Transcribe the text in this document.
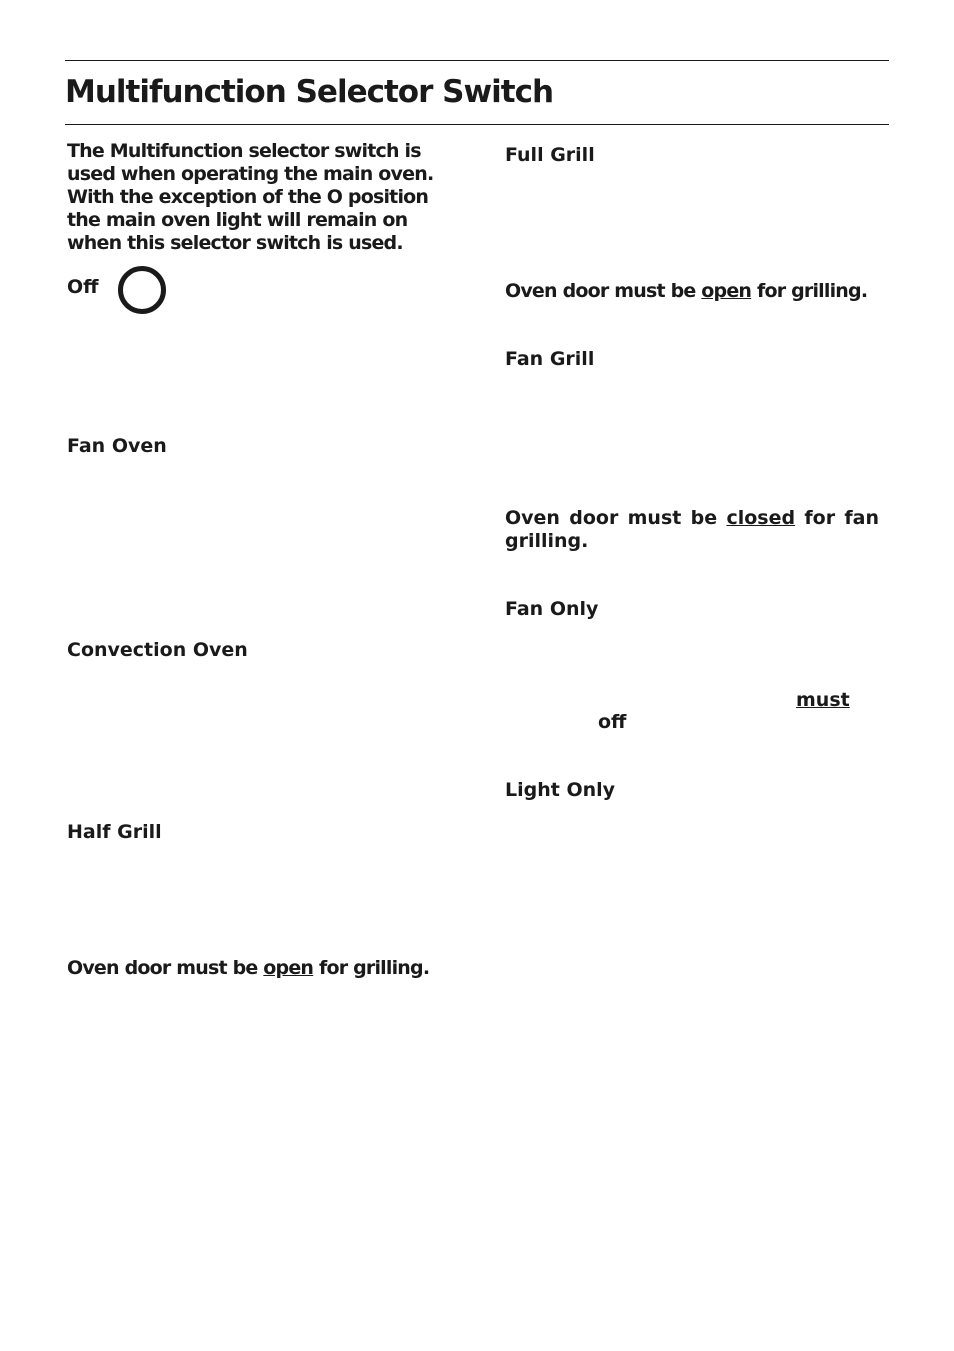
Multifunction Selector Switch

The Multifunction selector switch is used when operating the main oven. With the exception of the O position the main oven light will remain on when this selector switch is used.

Off

Fan Oven

Convection Oven

Half Grill

Oven door must be open for grilling.

Full Grill

Oven door must be open for grilling.

Fan Grill

Oven door must be closed for fan grilling.

Fan Only

must

off

Light Only
